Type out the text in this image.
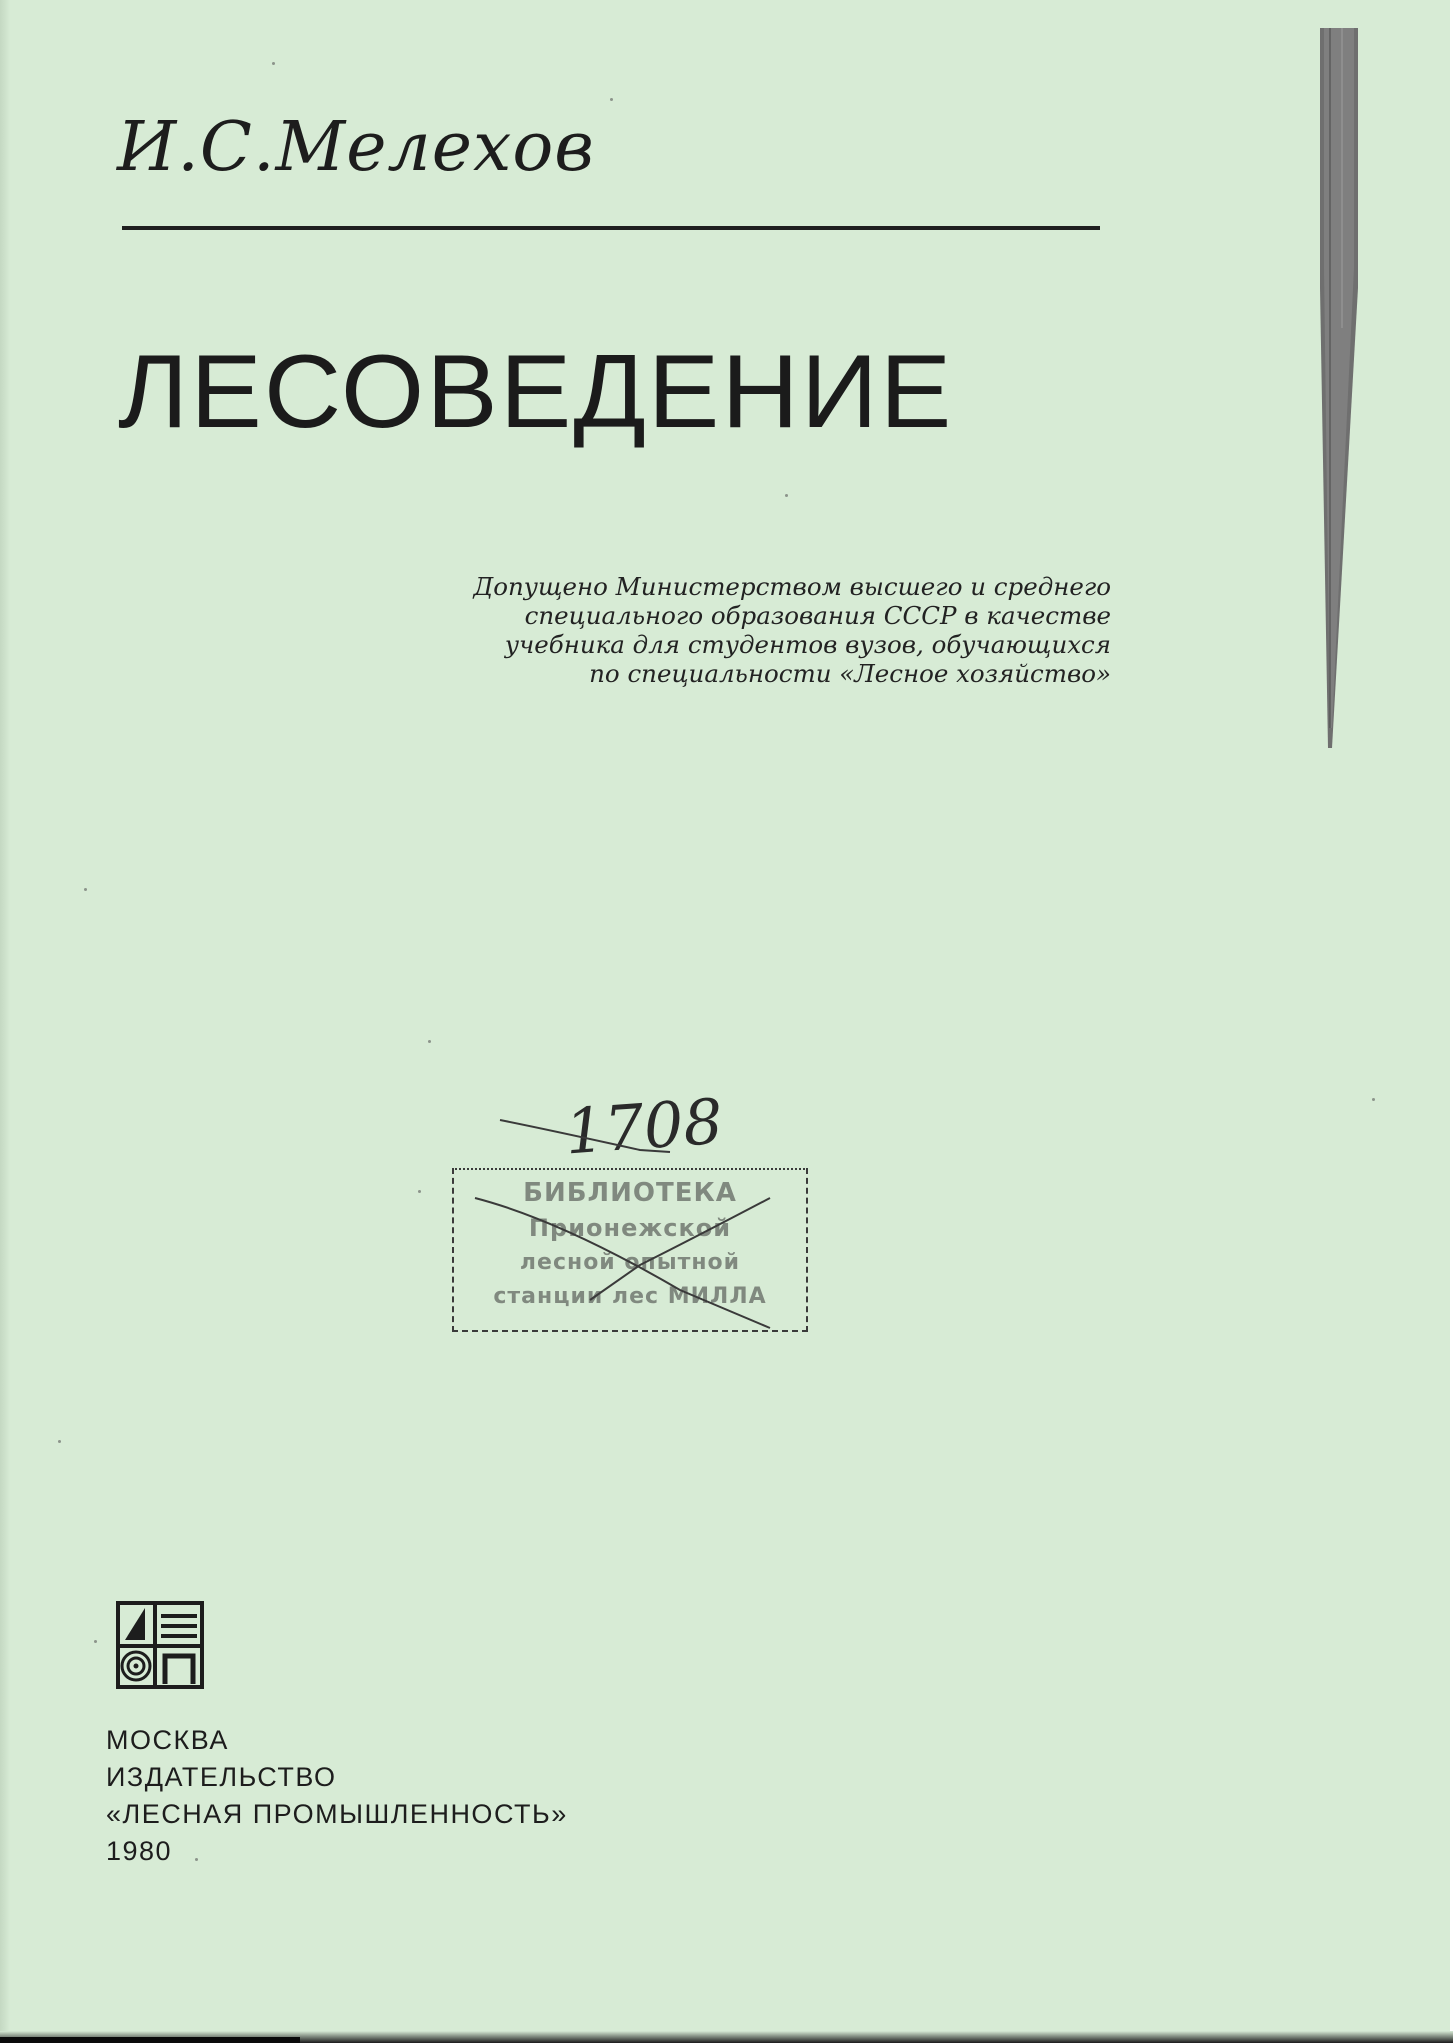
И.С.Мелехов
ЛЕСОВЕДЕНИЕ
Допущено Министерством высшего и среднего
специального образования СССР в качестве
учебника для студентов вузов, обучающихся
по специальности «Лесное хозяйство»
1708
БИБЛИОТЕКА
Прионежской
лесной опытной
станции лес МИЛЛА
МОСКВА
ИЗДАТЕЛЬСТВО
«ЛЕСНАЯ ПРОМЫШЛЕННОСТЬ»
1980
